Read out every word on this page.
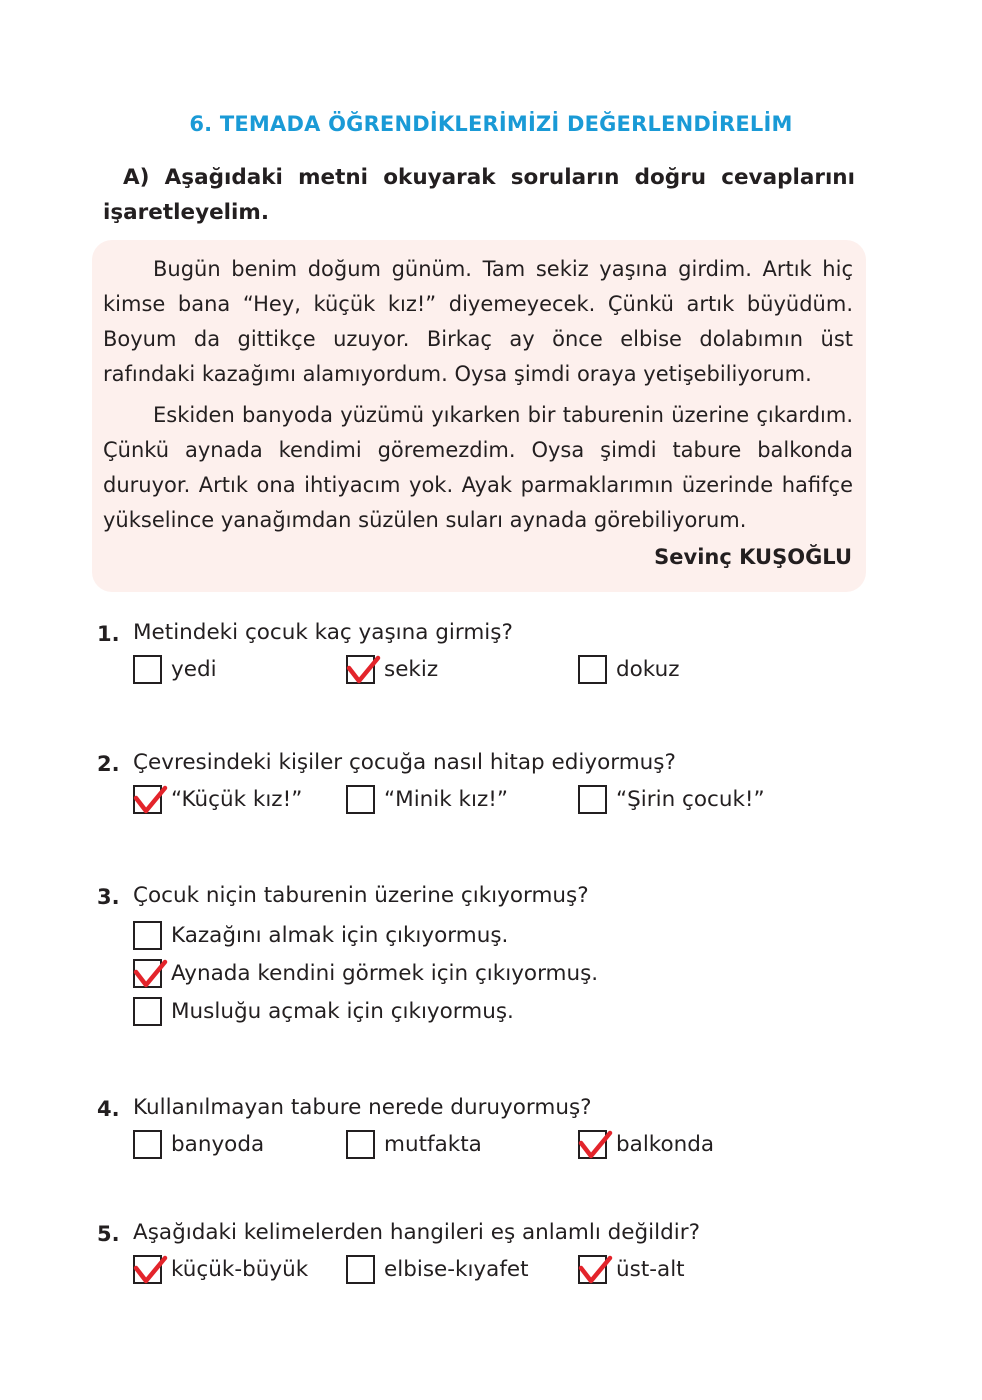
6. TEMADA ÖĞRENDİKLERİMİZİ DEĞERLENDİRELİM
A) Aşağıdaki metni okuyarak soruların doğru cevaplarını işaretleyelim.
Bugün benim doğum günüm. Tam sekiz yaşına girdim. Artık hiç kimse bana “Hey, küçük kız!” diyemeyecek. Çünkü artık büyüdüm. Boyum da gittikçe uzuyor. Birkaç ay önce elbise dolabımın üst rafındaki kazağımı alamıyordum. Oysa şimdi oraya yetişebiliyorum.
Eskiden banyoda yüzümü yıkarken bir taburenin üzerine çıkardım. Çünkü aynada kendimi göremezdim. Oysa şimdi tabure balkonda duruyor. Artık ona ihtiyacım yok. Ayak parmaklarımın üzerinde hafifçe yükselince yanağımdan süzülen suları aynada görebiliyorum.
Sevinç KUŞOĞLU
1. Metindeki çocuk kaç yaşına girmiş?
yedi	sekiz	dokuz
2. Çevresindeki kişiler çocuğa nasıl hitap ediyormuş?
“Küçük kız!”	“Minik kız!”	“Şirin çocuk!”
3. Çocuk niçin taburenin üzerine çıkıyormuş?
Kazağını almak için çıkıyormuş.
Aynada kendini görmek için çıkıyormuş.
Musluğu açmak için çıkıyormuş.
4. Kullanılmayan tabure nerede duruyormuş?
banyoda	mutfakta	balkonda
5. Aşağıdaki kelimelerden hangileri eş anlamlı değildir?
küçük-büyük	elbise-kıyafet	üst-alt
